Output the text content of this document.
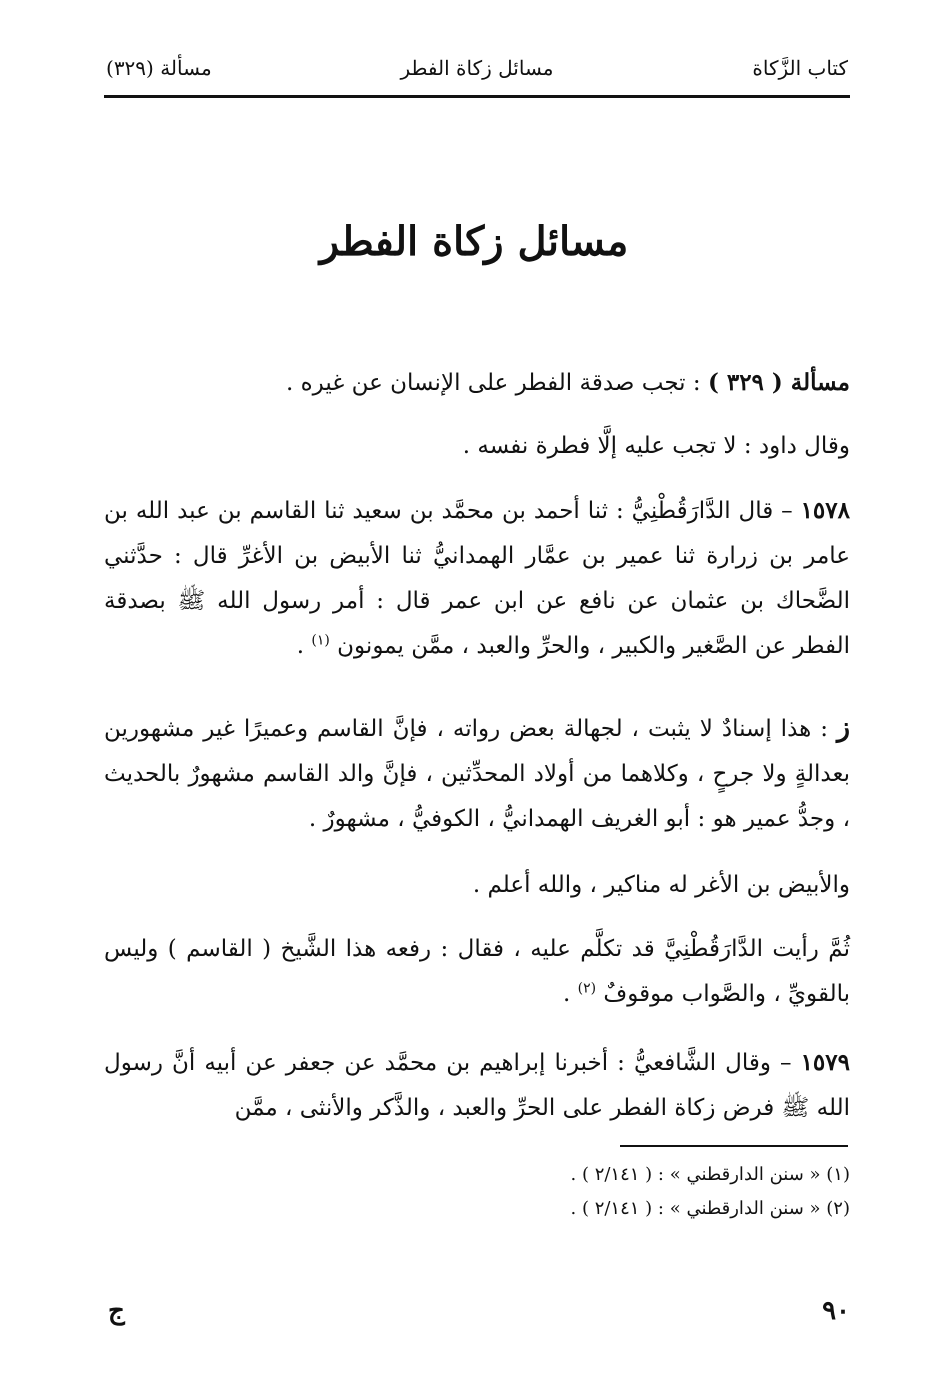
كتاب الزَّكاة
مسائل زكاة الفطر
مسألة (٣٢٩)
مسائل زكاة الفطر
مسألة ( ٣٢٩ ) : تجب صدقة الفطر على الإنسان عن غيره .
وقال داود : لا تجب عليه إلَّا فطرة نفسه .
١٥٧٨ – قال الدَّارَقُطْنِيُّ : ثنا أحمد بن محمَّد بن سعيد ثنا القاسم بن عبد الله بن عامر بن زرارة ثنا عمير بن عمَّار الهمدانيُّ ثنا الأبيض بن الأغرِّ قال : حدَّثني الضَّحاك بن عثمان عن نافع عن ابن عمر قال : أمر رسول الله ﷺ بصدقة الفطر عن الصَّغير والكبير ، والحرِّ والعبد ، ممَّن يمونون $^{(١)}$ .
ز : هذا إسنادٌ لا يثبت ، لجهالة بعض رواته ، فإنَّ القاسم وعميرًا غير مشهورين بعدالةٍ ولا جرحٍ ، وكلاهما من أولاد المحدِّثين ، فإنَّ والد القاسم مشهورٌ بالحديث ، وجدُّ عمير هو : أبو الغريف الهمدانيُّ ، الكوفيُّ ، مشهورٌ .
والأبيض بن الأغر له مناكير ، والله أعلم .
ثُمَّ رأيت الدَّارَقُطْنِيَّ قد تكلَّم عليه ، فقال : رفعه هذا الشَّيخ ( القاسم ) وليس بالقويِّ ، والصَّواب موقوفٌ $^{(٢)}$ .
١٥٧٩ – وقال الشَّافعيُّ : أخبرنا إبراهيم بن محمَّد عن جعفر عن أبيه أنَّ رسول الله ﷺ فرض زكاة الفطر على الحرِّ والعبد ، والذَّكر والأنثى ، ممَّن
(١) « سنن الدارقطني » : ( ٢/١٤١ ) .
(٢) « سنن الدارقطني » : ( ٢/١٤١ ) .
٩٠
ج
